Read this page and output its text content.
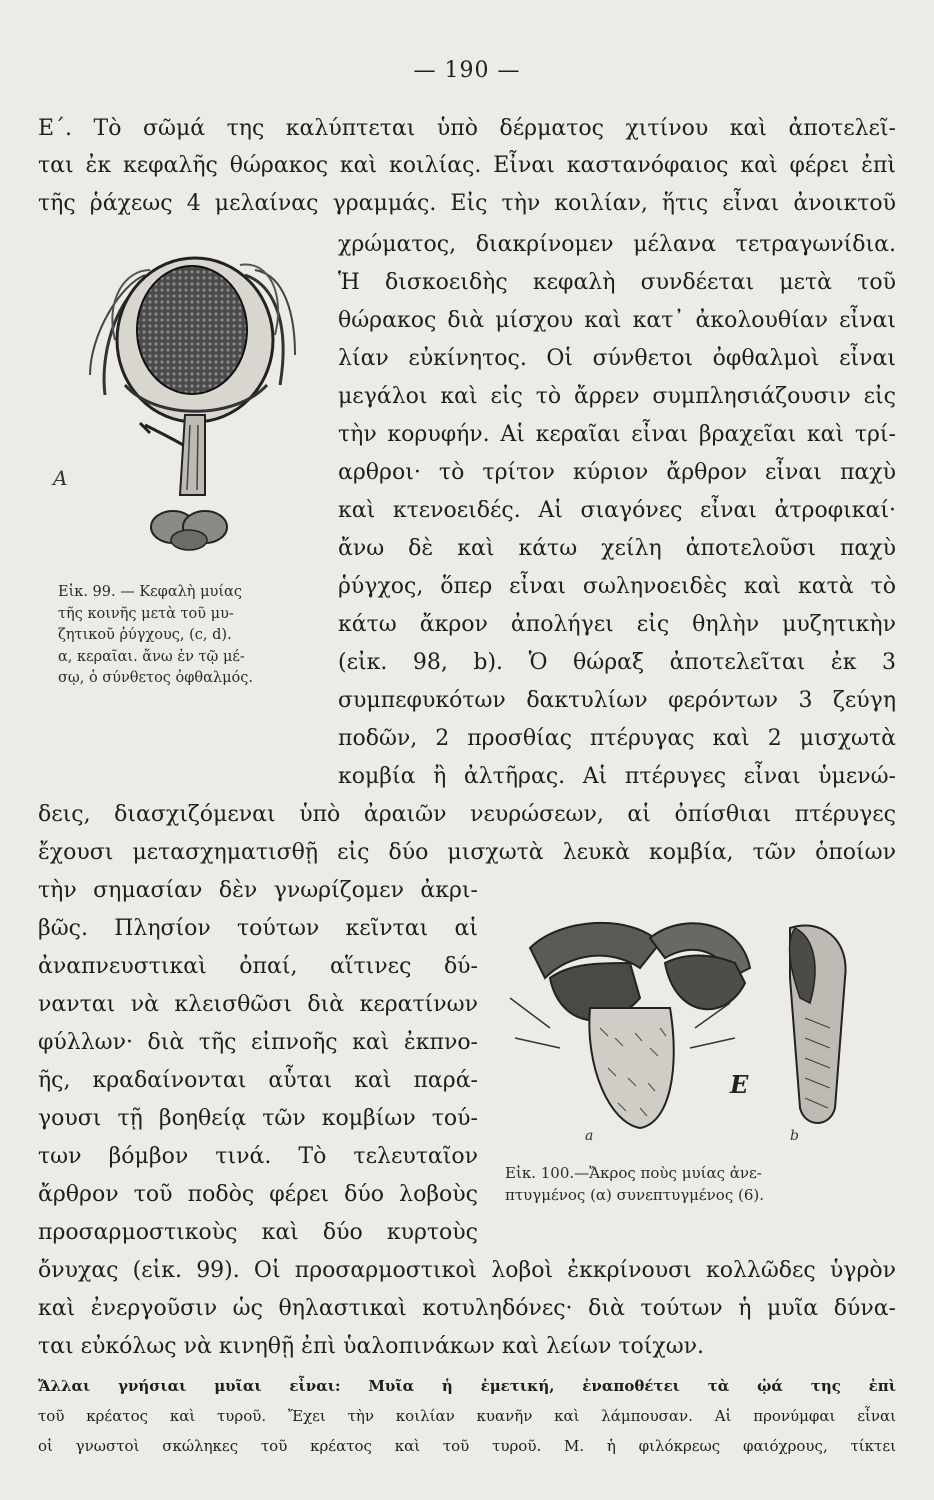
— 190 —
Ε΄. Τὸ σῶμά της καλύπτεται ὑπὸ δέρματος χιτίνου καὶ ἀποτελεῖ-
ται ἐκ κεφαλῆς θώρακος καὶ κοιλίας. Εἶναι καστανόφαιος καὶ φέρει ἐπὶ
τῆς ῥάχεως 4 μελαίνας γραμμάς. Εἰς τὴν κοιλίαν, ἥτις εἶναι ἀνοικτοῦ
χρώματος, διακρίνομεν μέλανα τετραγωνίδια.
Ἡ δισκοειδὴς κεφαλὴ συνδέεται μετὰ τοῦ
θώρακος διὰ μίσχου καὶ κατ᾽ ἀκολουθίαν εἶναι
λίαν εὐκίνητος. Οἱ σύνθετοι ὀφθαλμοὶ εἶναι
μεγάλοι καὶ εἰς τὸ ἄρρεν συμπλησιάζουσιν εἰς
τὴν κορυφήν. Αἱ κεραῖαι εἶναι βραχεῖαι καὶ τρί-
αρθροι· τὸ τρίτον κύριον ἄρθρον εἶναι παχὺ
καὶ κτενοειδές. Αἱ σιαγόνες εἶναι ἀτροφικαί·
ἄνω δὲ καὶ κάτω χείλη ἀποτελοῦσι παχὺ
ῥύγχος, ὅπερ εἶναι σωληνοειδὲς καὶ κατὰ τὸ
κάτω ἄκρον ἀπολήγει εἰς θηλὴν μυζητικὴν
(εἰκ. 98, b). Ὁ θώραξ ἀποτελεῖται ἐκ 3
συμπεφυκότων δακτυλίων φερόντων 3 ζεύγη
ποδῶν, 2 προσθίας πτέρυγας καὶ 2 μισχωτὰ
κομβία ἢ ἀλτῆρας. Αἱ πτέρυγες εἶναι ὑμενώ-
δεις, διασχιζόμεναι ὑπὸ ἀραιῶν νευρώσεων, αἱ ὀπίσθιαι πτέρυγες
ἔχουσι μετασχηματισθῇ εἰς δύο μισχωτὰ λευκὰ κομβία, τῶν ὁποίων
τὴν σημασίαν δὲν γνωρίζομεν ἀκρι-
βῶς. Πλησίον τούτων κεῖνται αἱ
ἀναπνευστικαὶ ὀπαί, αἵτινες δύ-
νανται νὰ κλεισθῶσι διὰ κερατίνων
φύλλων· διὰ τῆς εἰπνοῆς καὶ ἐκπνο-
ῆς, κραδαίνονται αὗται καὶ παρά-
γουσι τῇ βοηθείᾳ τῶν κομβίων τού-
των βόμβον τινά. Τὸ τελευταῖον
ἄρθρον τοῦ ποδὸς φέρει δύο λοβοὺς
προσαρμοστικοὺς καὶ δύο κυρτοὺς
ὄνυχας (εἰκ. 99). Οἱ προσαρμοστικοὶ λοβοὶ ἐκκρίνουσι κολλῶδες ὑγρὸν
καὶ ἐνεργοῦσιν ὡς θηλαστικαὶ κοτυληδόνες· διὰ τούτων ἡ μυῖα δύνα-
ται εὐκόλως νὰ κινηθῇ ἐπὶ ὑαλοπινάκων καὶ λείων τοίχων.
Ἄλλαι γνήσιαι μυῖαι εἶναι: Μυῖα ἡ ἐμετική, ἐναποθέτει τὰ ᾠά της ἐπὶ
τοῦ κρέατος καὶ τυροῦ. Ἔχει τὴν κοιλίαν κυανῆν καὶ λάμπουσαν. Αἱ προνύμφαι εἶναι
οἱ γνωστοὶ σκώληκες τοῦ κρέατος καὶ τοῦ τυροῦ. Μ. ἡ φιλόκρεως φαιόχρους, τίκτει
A
Εἰκ. 99. — Κεφαλὴ μυίας
τῆς κοινῆς μετὰ τοῦ μυ-
ζητικοῦ ῥύγχους, (c, d).
α, κεραῖαι. ἄνω ἐν τῷ μέ-
σῳ, ὁ σύνθετος ὀφθαλμός.
E
a	b
Εἰκ. 100.—Ἄκρος ποὺς μυίας ἀνε-
πτυγμένος (α) συνεπτυγμένος (6).
